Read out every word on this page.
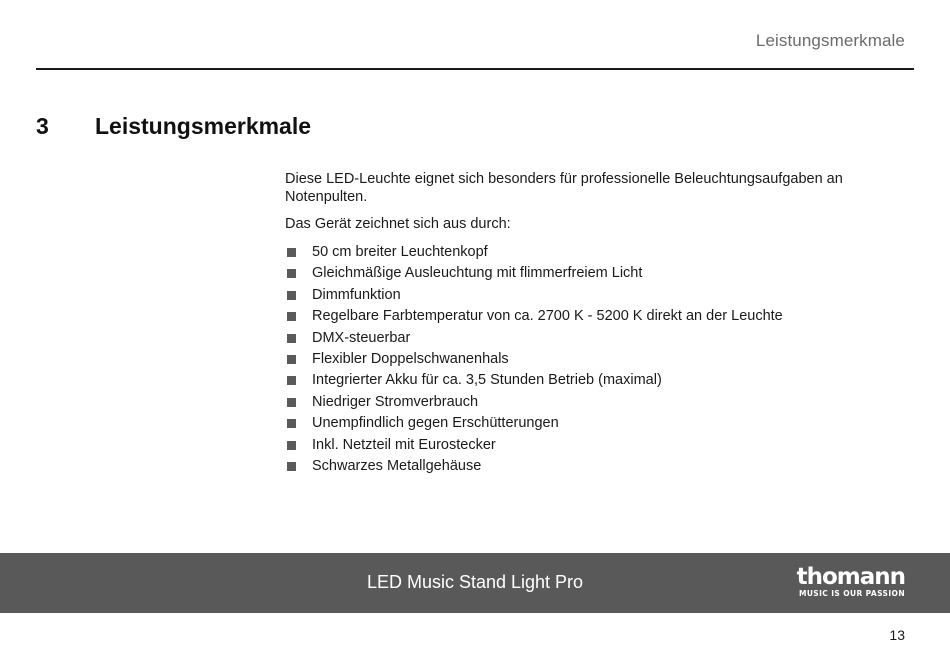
Leistungsmerkmale
3 Leistungsmerkmale

Diese LED-Leuchte eignet sich besonders für professionelle Beleuchtungsaufgaben an Notenpulten.

Das Gerät zeichnet sich aus durch:

50 cm breiter Leuchtenkopf
Gleichmäßige Ausleuchtung mit flimmerfreiem Licht
Dimmfunktion
Regelbare Farbtemperatur von ca. 2700 K - 5200 K direkt an der Leuchte
DMX-steuerbar
Flexibler Doppelschwanenhals
Integrierter Akku für ca. 3,5 Stunden Betrieb (maximal)
Niedriger Stromverbrauch
Unempfindlich gegen Erschütterungen
Inkl. Netzteil mit Eurostecker
Schwarzes Metallgehäuse
LED Music Stand Light Pro	thomann
MUSIC IS OUR PASSION
13
